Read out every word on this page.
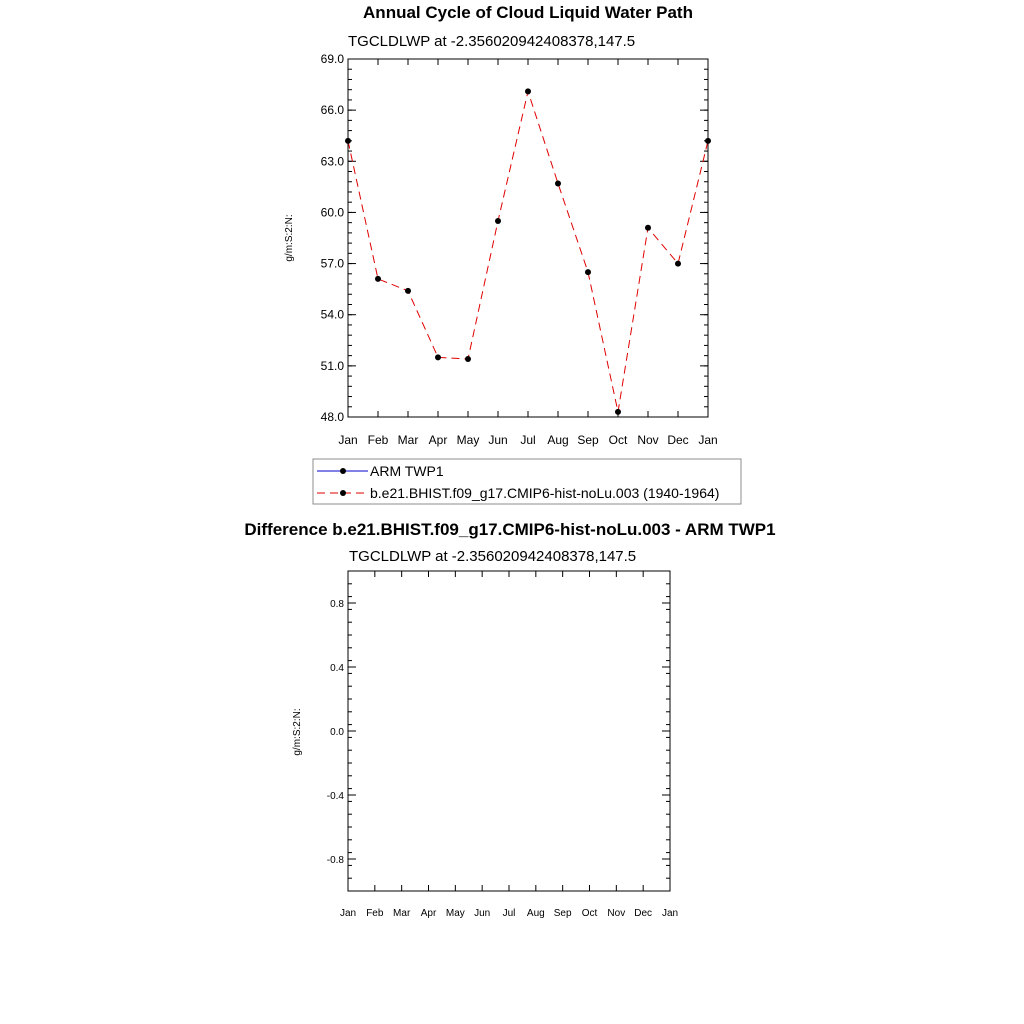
Annual Cycle of Cloud Liquid Water Path
TGCLDLWP at -2.356020942408378,147.5
g/m:S:2:N:
Jan Feb Mar Apr May Jun Jul Aug Sep Oct Nov Dec Jan
69.0
66.0
63.0
60.0
57.0
54.0
51.0
48.0
ARM TWP1
b.e21.BHIST.f09_g17.CMIP6-hist-noLu.003 (1940-1964)
Difference b.e21.BHIST.f09_g17.CMIP6-hist-noLu.003 - ARM TWP1
TGCLDLWP at -2.356020942408378,147.5
g/m:S:2:N:
Jan Feb Mar Apr May Jun Jul Aug Sep Oct Nov Dec Jan
0.8
0.4
0.0
-0.4
-0.8
